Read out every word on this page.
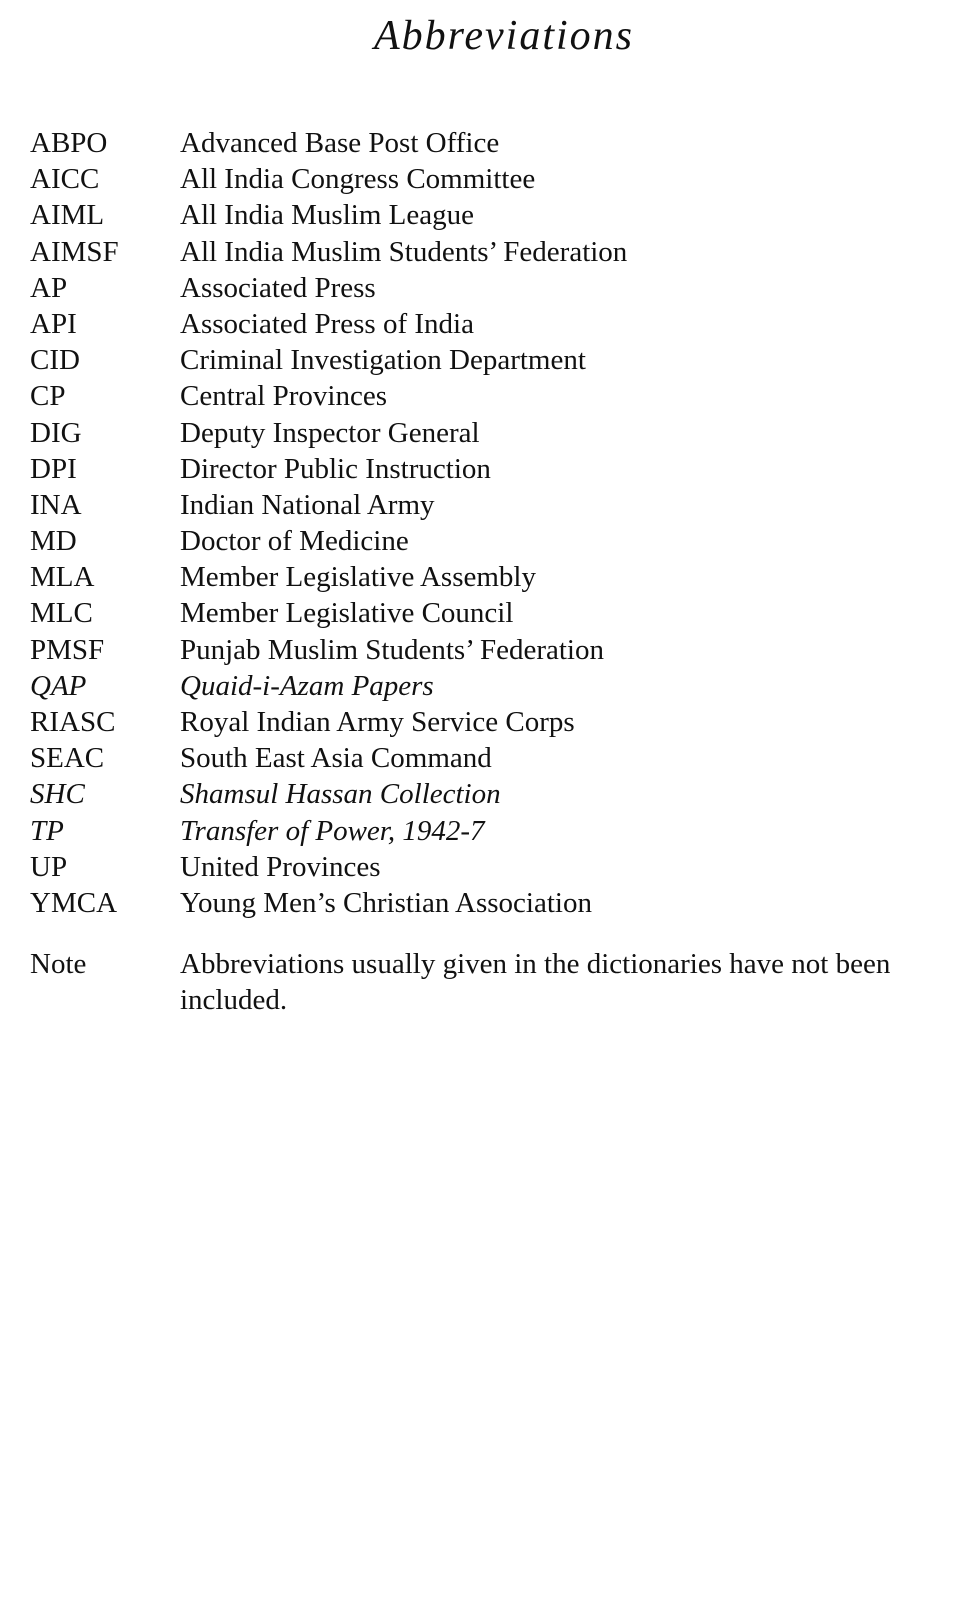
Abbreviations
ABPO	Advanced Base Post Office
AICC	All India Congress Committee
AIML	All India Muslim League
AIMSF	All India Muslim Students’ Federation
AP	Associated Press
API	Associated Press of India
CID	Criminal Investigation Department
CP	Central Provinces
DIG	Deputy Inspector General
DPI	Director Public Instruction
INA	Indian National Army
MD	Doctor of Medicine
MLA	Member Legislative Assembly
MLC	Member Legislative Council
PMSF	Punjab Muslim Students’ Federation
QAP	Quaid-i-Azam Papers
RIASC	Royal Indian Army Service Corps
SEAC	South East Asia Command
SHC	Shamsul Hassan Collection
TP	Transfer of Power, 1942-7
UP	United Provinces
YMCA	Young Men’s Christian Association
Note	Abbreviations usually given in the dictionaries have not been included.
